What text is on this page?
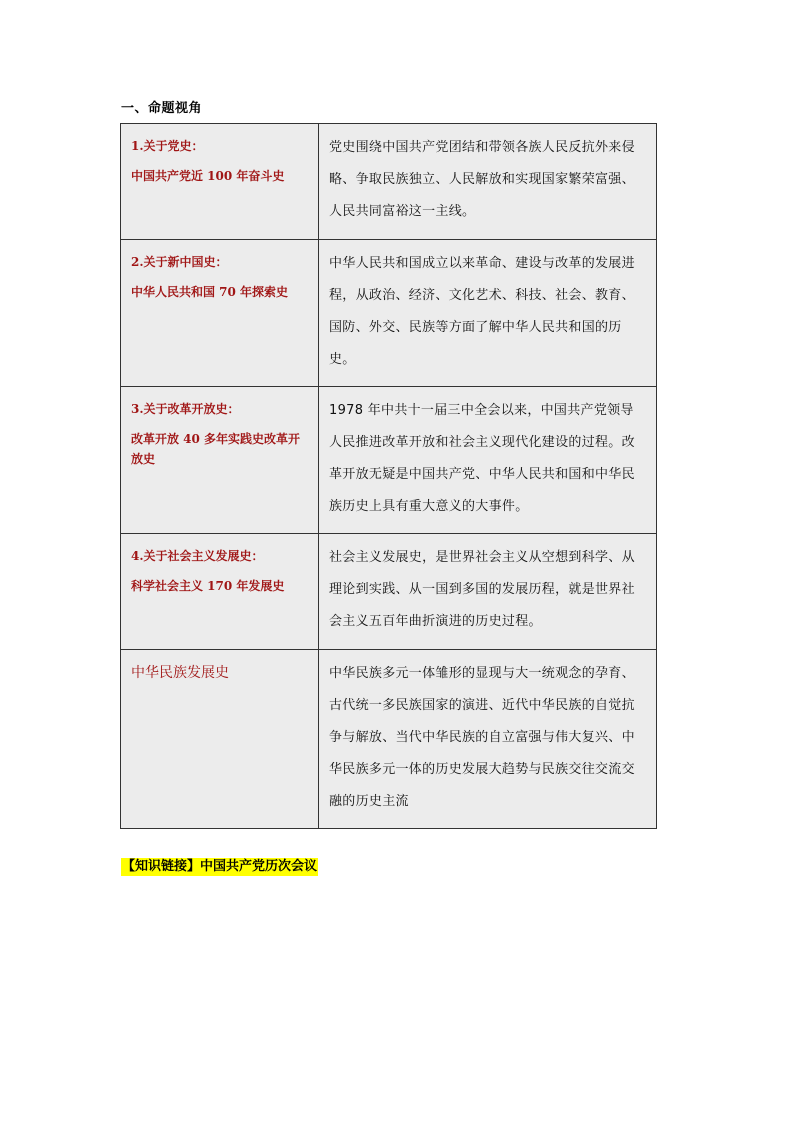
一、命题视角
1.关于党史：
中国共产党近 100 年奋斗史	党史围绕中国共产党团结和带领各族人民反抗外来侵略、争取民族独立、人民解放和实现国家繁荣富强、人民共同富裕这一主线。

2.关于新中国史：
中华人民共和国 70 年探索史	中华人民共和国成立以来革命、建设与改革的发展进程，从政治、经济、文化艺术、科技、社会、教育、国防、外交、民族等方面了解中华人民共和国的历史。

3.关于改革开放史：
改革开放 40 多年实践史改革开放史	1978 年中共十一届三中全会以来，中国共产党领导人民推进改革开放和社会主义现代化建设的过程。改革开放无疑是中国共产党、中华人民共和国和中华民族历史上具有重大意义的大事件。

4.关于社会主义发展史：
科学社会主义 170 年发展史	社会主义发展史，是世界社会主义从空想到科学、从理论到实践、从一国到多国的发展历程，就是世界社会主义五百年曲折演进的历史过程。

中华民族发展史	中华民族多元一体雏形的显现与大一统观念的孕育、古代统一多民族国家的演进、近代中华民族的自觉抗争与解放、当代中华民族的自立富强与伟大复兴、中华民族多元一体的历史发展大趋势与民族交往交流交融的历史主流
【知识链接】中国共产党历次会议
